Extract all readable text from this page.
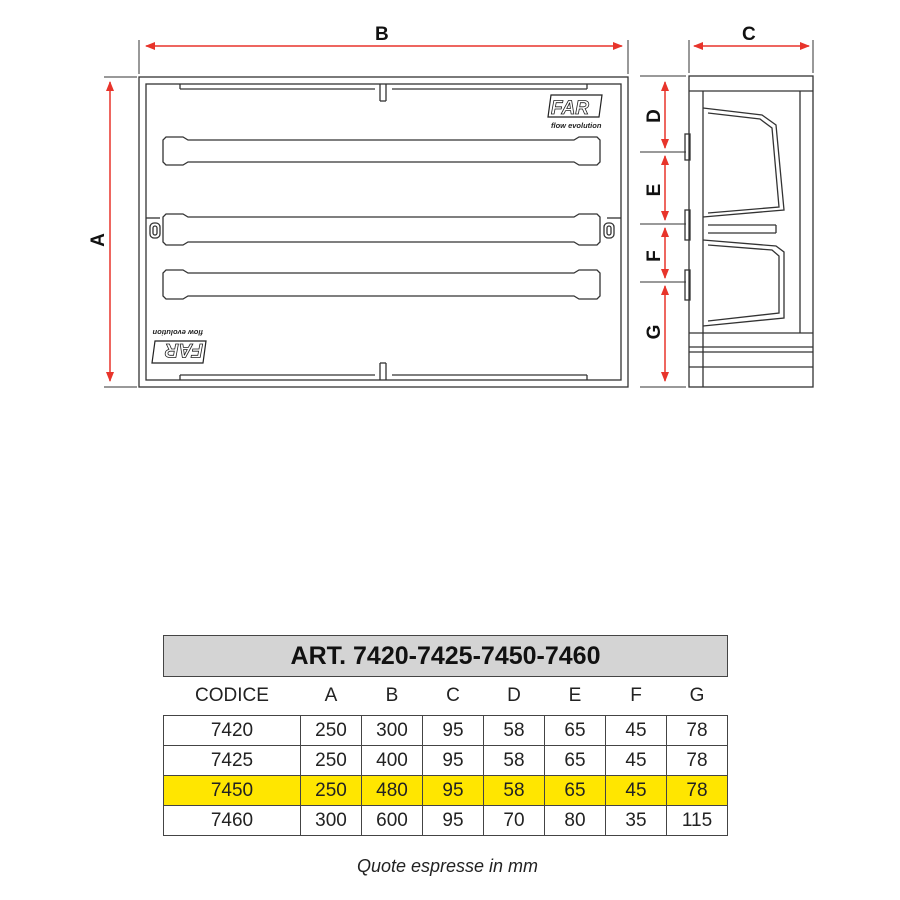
FAR
flow evolution
FAR
flow evolution
B	C
A
D
E
F
G
ART. 7420-7425-7450-7460							
CODICE	A	B	C	D	E	F	G
7420	250	300	95	58	65	45	78
7425	250	400	95	58	65	45	78
7450	250	480	95	58	65	45	78
7460	300	600	95	70	80	35	115
Quote espresse in mm
